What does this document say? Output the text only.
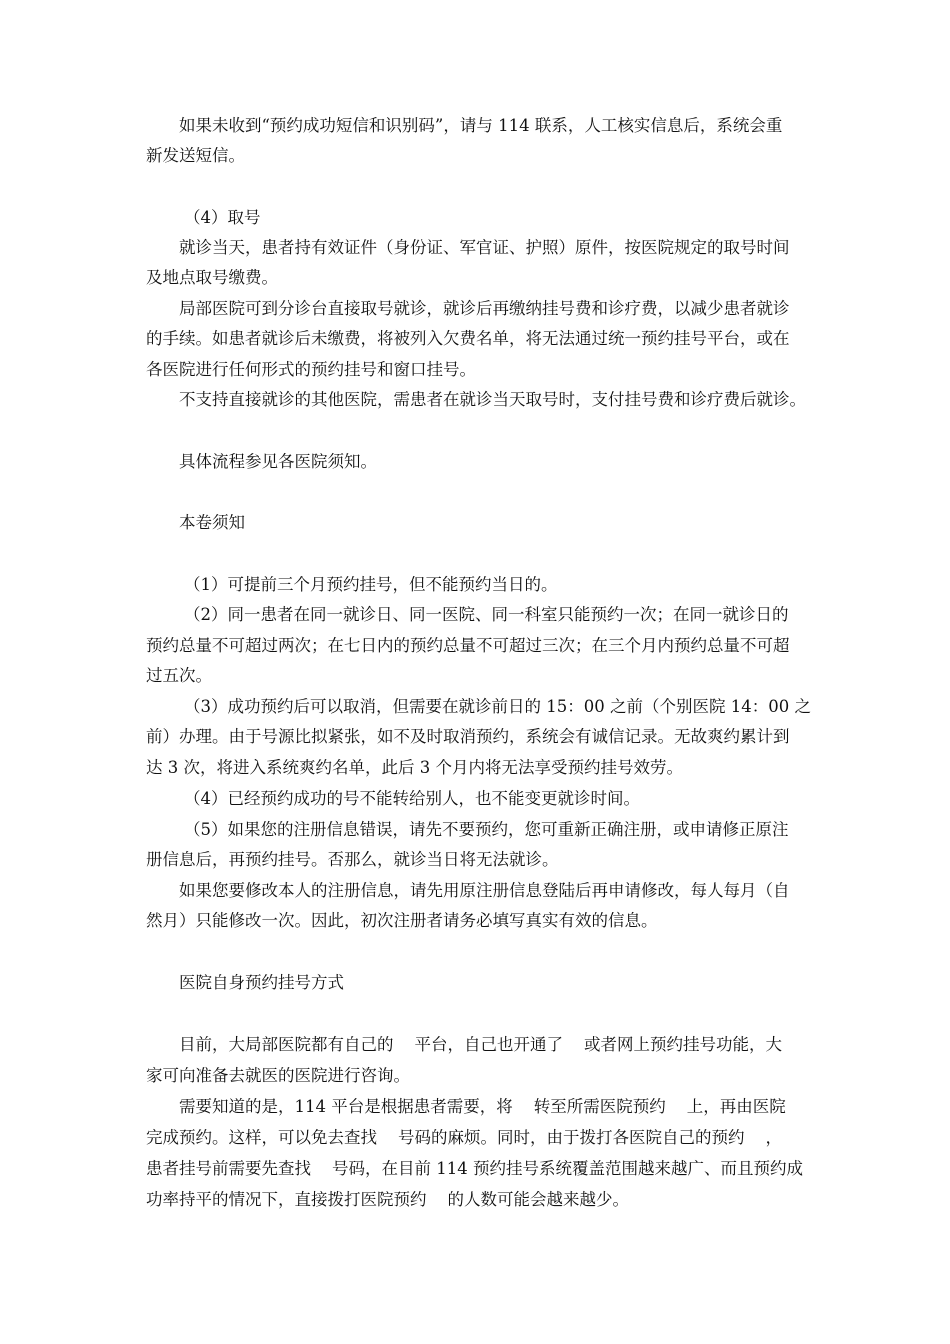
如果未收到“预约成功短信和识别码”，请与 114 联系，人工核实信息后，系统会重
新发送短信。
（4）取号
就诊当天，患者持有效证件（身份证、军官证、护照）原件，按医院规定的取号时间
及地点取号缴费。
局部医院可到分诊台直接取号就诊，就诊后再缴纳挂号费和诊疗费，以减少患者就诊
的手续。如患者就诊后未缴费，将被列入欠费名单，将无法通过统一预约挂号平台，或在
各医院进行任何形式的预约挂号和窗口挂号。
不支持直接就诊的其他医院，需患者在就诊当天取号时，支付挂号费和诊疗费后就诊。
具体流程参见各医院须知。
本卷须知
（1）可提前三个月预约挂号，但不能预约当日的。
（2）同一患者在同一就诊日、同一医院、同一科室只能预约一次；在同一就诊日的
预约总量不可超过两次；在七日内的预约总量不可超过三次；在三个月内预约总量不可超
过五次。
（3）成功预约后可以取消，但需要在就诊前日的 15：00 之前（个别医院 14：00 之
前）办理。由于号源比拟紧张，如不及时取消预约，系统会有诚信记录。无故爽约累计到
达 3 次，将进入系统爽约名单，此后 3 个月内将无法享受预约挂号效劳。
（4）已经预约成功的号不能转给别人，也不能变更就诊时间。
（5）如果您的注册信息错误，请先不要预约，您可重新正确注册，或申请修正原注
册信息后，再预约挂号。否那么，就诊当日将无法就诊。
如果您要修改本人的注册信息，请先用原注册信息登陆后再申请修改，每人每月（自
然月）只能修改一次。因此，初次注册者请务必填写真实有效的信息。
医院自身预约挂号方式
目前，大局部医院都有自己的    平台，自己也开通了    或者网上预约挂号功能，大
家可向准备去就医的医院进行咨询。
需要知道的是，114 平台是根据患者需要，将    转至所需医院预约    上，再由医院
完成预约。这样，可以免去查找    号码的麻烦。同时，由于拨打各医院自己的预约    ，
患者挂号前需要先查找    号码，在目前 114 预约挂号系统覆盖范围越来越广、而且预约成
功率持平的情况下，直接拨打医院预约    的人数可能会越来越少。
